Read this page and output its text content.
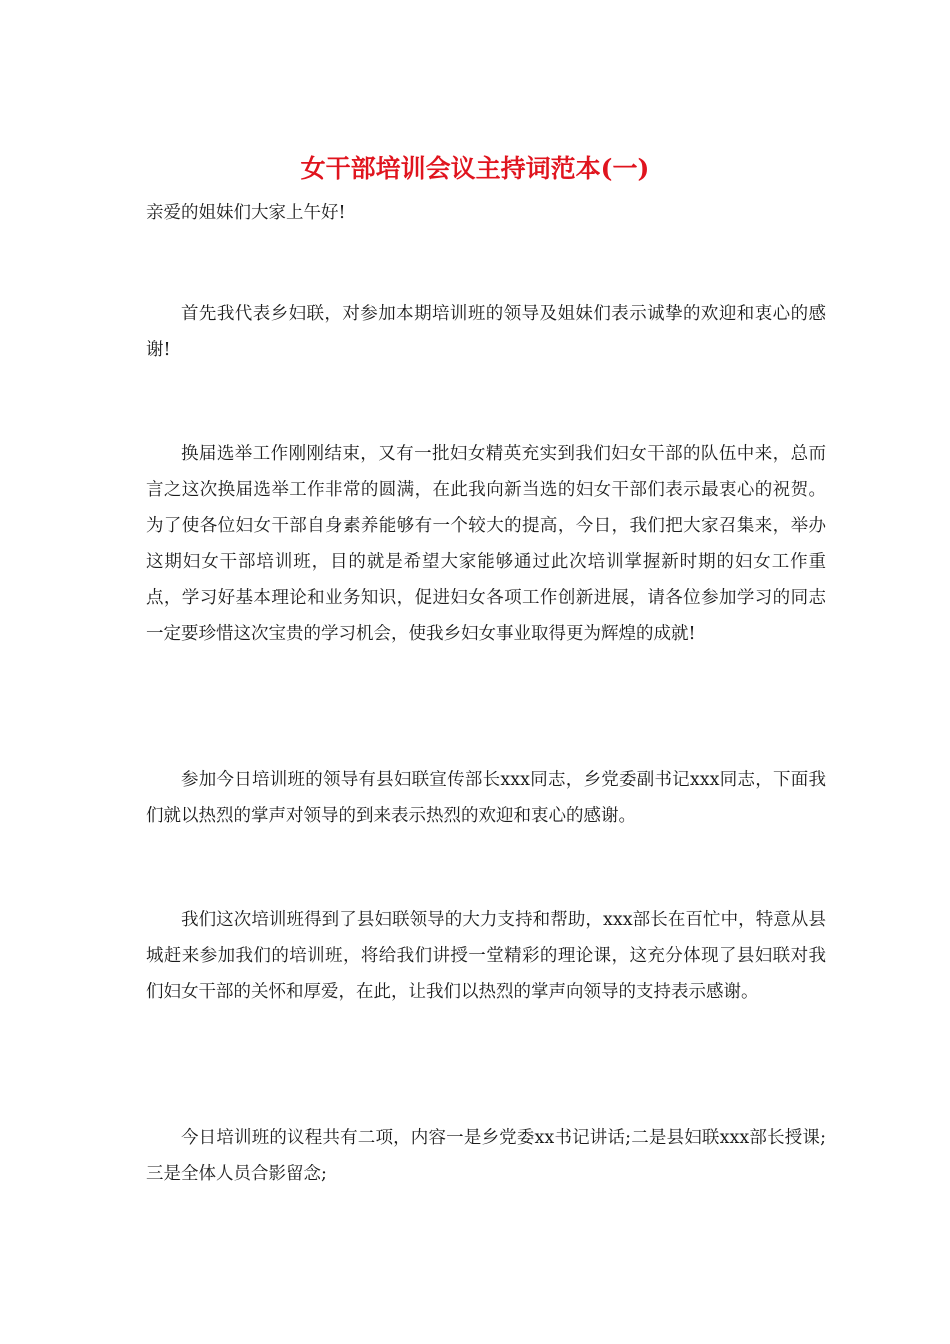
女干部培训会议主持词范本(一)

亲爱的姐妹们大家上午好!

首先我代表乡妇联，对参加本期培训班的领导及姐妹们表示诚挚的欢迎和衷心的感谢!

换届选举工作刚刚结束，又有一批妇女精英充实到我们妇女干部的队伍中来，总而言之这次换届选举工作非常的圆满，在此我向新当选的妇女干部们表示最衷心的祝贺。为了使各位妇女干部自身素养能够有一个较大的提高，今日，我们把大家召集来，举办这期妇女干部培训班，目的就是希望大家能够通过此次培训掌握新时期的妇女工作重点，学习好基本理论和业务知识，促进妇女各项工作创新进展，请各位参加学习的同志一定要珍惜这次宝贵的学习机会，使我乡妇女事业取得更为辉煌的成就!

参加今日培训班的领导有县妇联宣传部长xxx同志，乡党委副书记xxx同志，下面我们就以热烈的掌声对领导的到来表示热烈的欢迎和衷心的感谢。

我们这次培训班得到了县妇联领导的大力支持和帮助，xxx部长在百忙中，特意从县城赶来参加我们的培训班，将给我们讲授一堂精彩的理论课，这充分体现了县妇联对我们妇女干部的关怀和厚爱，在此，让我们以热烈的掌声向领导的支持表示感谢。

今日培训班的议程共有二项，内容一是乡党委xx书记讲话;二是县妇联xxx部长授课;三是全体人员合影留念;
